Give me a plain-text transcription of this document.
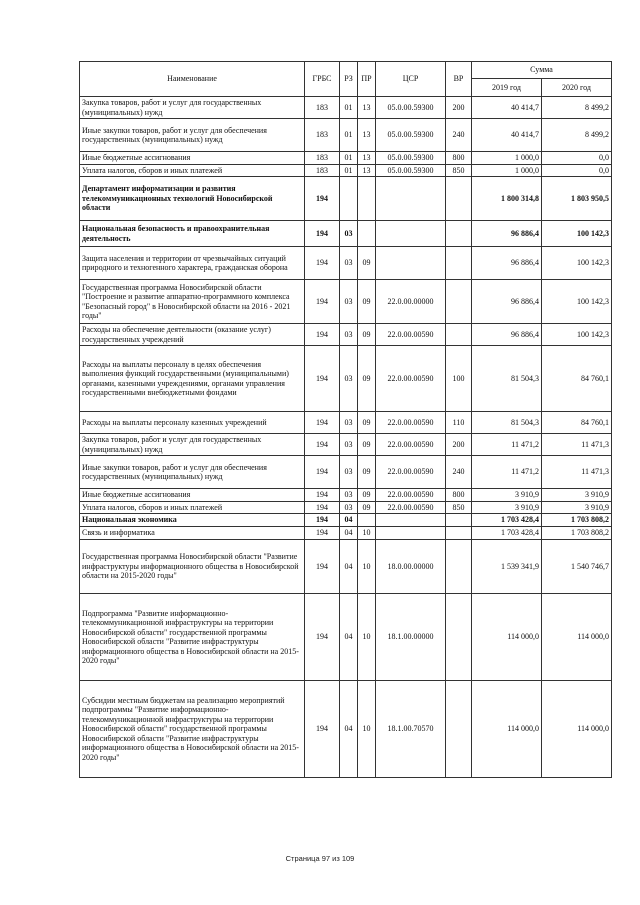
Наименование	ГРБС	РЗ	ПР	ЦСР	ВР	Сумма	
						2019 год	2020 год
Закупка товаров, работ и услуг для государственных (муниципальных) нужд	183	01	13	05.0.00.59300	200	40 414,7	8 499,2
Иные закупки товаров, работ и услуг для обеспечения государственных (муниципальных) нужд	183	01	13	05.0.00.59300	240	40 414,7	8 499,2
Иные бюджетные ассигнования	183	01	13	05.0.00.59300	800	1 000,0	0,0
Уплата налогов, сборов и иных платежей	183	01	13	05.0.00.59300	850	1 000,0	0,0
Департамент информатизации и развития телекоммуникационных технологий Новосибирской области	194					1 800 314,8	1 803 950,5
Национальная безопасность и правоохранительная деятельность	194	03				96 886,4	100 142,3
Защита населения и территории от чрезвычайных ситуаций природного и техногенного характера, гражданская оборона	194	03	09			96 886,4	100 142,3
Государственная программа Новосибирской области "Построение и развитие аппаратно-программного комплекса "Безопасный город" в Новосибирской области на 2016 - 2021 годы"	194	03	09	22.0.00.00000		96 886,4	100 142,3
Расходы на обеспечение деятельности (оказание услуг) государственных учреждений	194	03	09	22.0.00.00590		96 886,4	100 142,3
Расходы на выплаты персоналу в целях обеспечения выполнения функций государственными (муниципальными) органами, казенными учреждениями, органами управления государственными внебюджетными фондами	194	03	09	22.0.00.00590	100	81 504,3	84 760,1
Расходы на выплаты персоналу казенных учреждений	194	03	09	22.0.00.00590	110	81 504,3	84 760,1
Закупка товаров, работ и услуг для государственных (муниципальных) нужд	194	03	09	22.0.00.00590	200	11 471,2	11 471,3
Иные закупки товаров, работ и услуг для обеспечения государственных (муниципальных) нужд	194	03	09	22.0.00.00590	240	11 471,2	11 471,3
Иные бюджетные ассигнования	194	03	09	22.0.00.00590	800	3 910,9	3 910,9
Уплата налогов, сборов и иных платежей	194	03	09	22.0.00.00590	850	3 910,9	3 910,9
Национальная экономика	194	04				1 703 428,4	1 703 808,2
Связь и информатика	194	04	10			1 703 428,4	1 703 808,2
Государственная программа Новосибирской области "Развитие инфраструктуры информационного общества в Новосибирской области на 2015-2020 годы"	194	04	10	18.0.00.00000		1 539 341,9	1 540 746,7
Подпрограмма "Развитие информационно-телекоммуникационной инфраструктуры на территории Новосибирской области" государственной программы Новосибирской области "Развитие инфраструктуры информационного общества в Новосибирской области на 2015-2020 годы"	194	04	10	18.1.00.00000		114 000,0	114 000,0
Субсидии местным бюджетам на реализацию мероприятий подпрограммы "Развитие информационно-телекоммуникационной инфраструктуры на территории Новосибирской области" государственной программы Новосибирской области "Развитие инфраструктуры информационного общества в Новосибирской области на 2015-2020 годы"	194	04	10	18.1.00.70570		114 000,0	114 000,0
Страница 97 из 109
